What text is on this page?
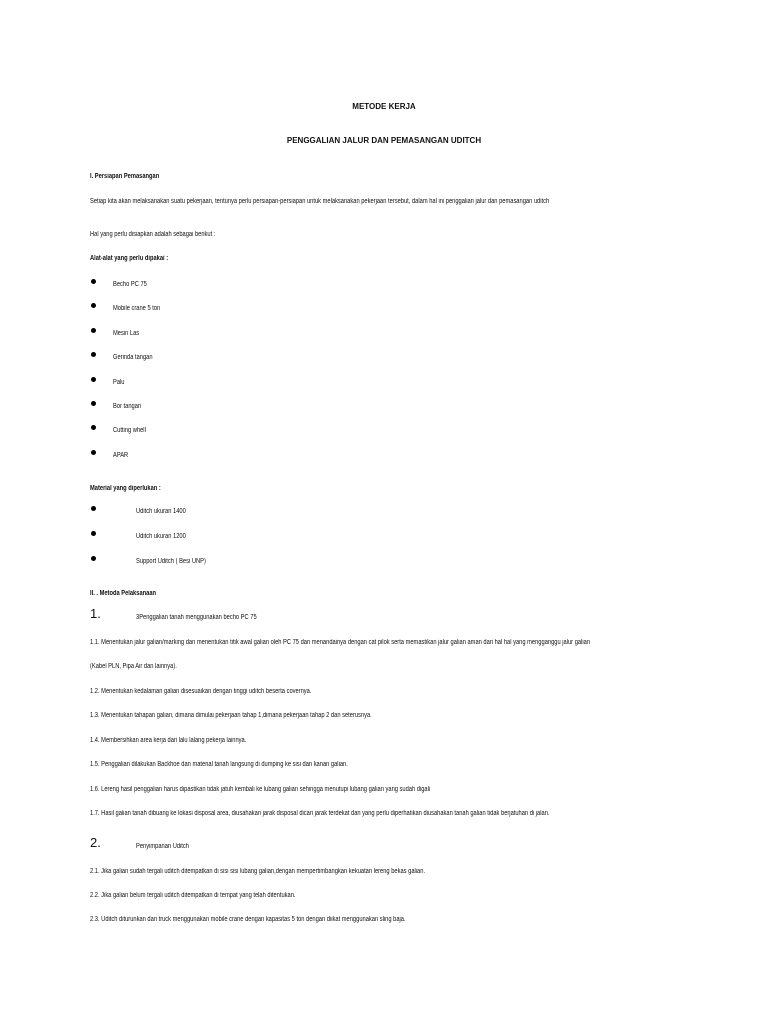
METODE KERJA
PENGGALIAN JALUR DAN PEMASANGAN UDITCH
I. Persiapan Pemasangan
Setiap kita akan melaksanakan suatu pekerjaan, tentunya perlu persiapan-persiapan untuk melaksanakan pekerjaan tersebut, dalam hal ini penggalian jalur dan pemasangan uditch
Hal yang perlu disiapkan adalah sebagai berikut :
Alat-alat yang perlu dipakai :
Becho PC 75
Mobile crane 5 ton
Mesin Las
Gerinda tangan
Palu
Bor tangan
Cutting whell
APAR
Material yang diperlukan :
Uditch ukuran 1400
Uditch ukuran 1200
Support Uditch ( Besi UNP)
II. . Metoda Pelaksanaan
1.	3Penggalian tanah menggunakan becho PC 75
1.1. Menentukan jalur galian/marking dan menentukan titik awal galian oleh PC 75 dan menandainya dengan cat pilok serta memastikan jalur galian aman dari hal hal yang mengganggu jalur galian
(Kabel PLN, Pipa Air dan lainnya).
1.2. Menentukan kedalaman galian disesuaikan dengan tinggi uditch beserta covernya.
1.3. Menentukan tahapan galian, dimana dimulai pekerjaan tahap 1,dimana pekerjaan tahap 2 dan seterusnya.
1.4. Membersihkan area kerja dari lalu lalang pekerja lainnya.
1.5. Penggalian dilakukan Backhoe dan material tanah langsung di dumping ke sisi dan kanan galian.
1.6. Lereng hasil penggalian harus dipastikan tidak jatuh kembali ke lubang galian sehingga menutupi lubang galian yang sudah digali
1.7. Hasil galian tanah dibuang ke lokasi disposal area, diusahakan jarak disposal dicari jarak terdekat dan yang perlu diperhatikan diusahakan tanah galian tidak berjatuhan di jalan.
2.	Penyimpanan Uditch
2.1. Jika galian sudah tergali uditch ditempatkan di sisi sisi lubang galian,dengan mempertimbangkan kekuatan lereng bekas galian.
2.2. Jika galian belum tergali uditch ditempatkan di tempat yang telah ditentukan.
2.3. Uditch diturunkan dari truck menggunakan mobile crane dengan kapasitas 5 ton dengan diikat menggunakan sling baja.
